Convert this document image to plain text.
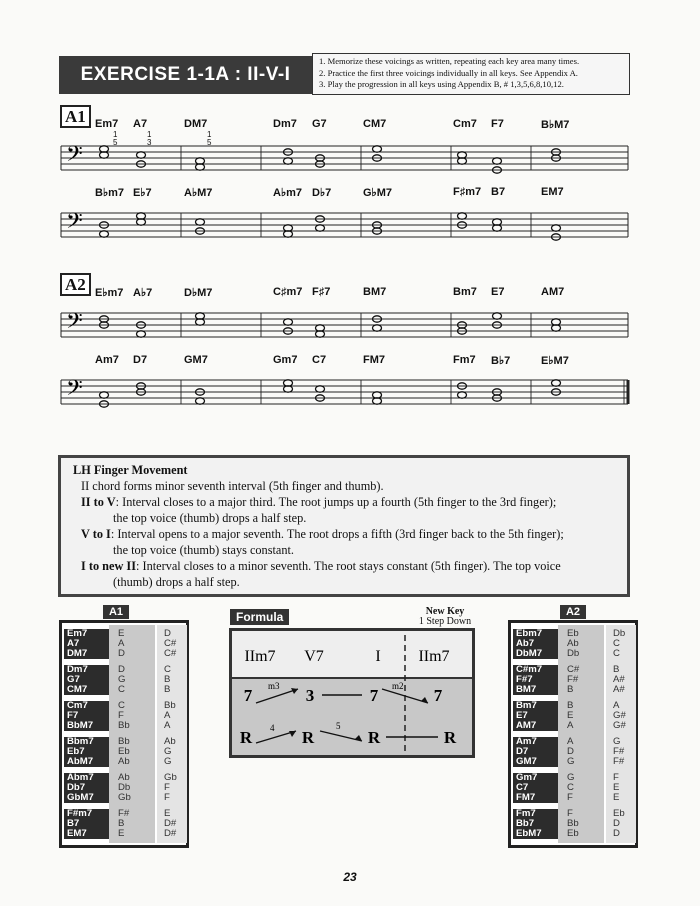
EXERCISE 1-1A : II-V-I
1. Memorize these voicings as written, repeating each key area many times.
2. Practice the first three voicings individually in all keys. See Appendix A.
3. Play the progression in all keys using Appendix B, # 1,3,5,6,8,10,12.
A1
A2
𝄢
𝄢
𝄢
𝄢
Em7 A7	DM7	Dm7 G7	CM7	Cm7 F7	B♭M7
B♭m7 E♭7	A♭M7	A♭m7 D♭7	G♭M7	F♯m7 B7	EM7
E♭m7 A♭7	D♭M7	C♯m7 F♯7	BM7	Bm7 E7	AM7
Am7 D7	GM7	Gm7 C7	FM7	Fm7 B♭7	E♭M7
1
5
1
3
1
5
LH Finger Movement
II chord forms minor seventh interval (5th finger and thumb).
II to V: Interval closes to a major third. The root jumps up a fourth (5th finger to the 3rd finger);
the top voice (thumb) drops a half step.
V to I: Interval opens to a major seventh. The root drops a fifth (3rd finger back to the 5th finger);
the top voice (thumb) stays constant.
I to new II: Interval closes to a minor seventh. The root stays constant (5th finger). The top voice
(thumb) drops a half step.
A1
Em7	E	D
A7	A	C#
DM7	D	C#
Dm7	D	C
G7	G	B
CM7	C	B
Cm7	C	Bb
F7	F	A
BbM7	Bb	A
Bbm7	Bb	Ab
Eb7	Eb	G
AbM7	Ab	G
Abm7	Ab	Gb
Db7	Db	F
GbM7	Gb	F
F#m7	F#	E
B7	B	D#
EM7	E	D#
A2
Ebm7	Eb	Db
Ab7	Ab	C
DbM7	Db	C
C#m7	C#	B
F#7	F#	A#
BM7	B	A#
Bm7	B	A
E7	E	G#
AM7	A	G#
Am7	A	G
D7	D	F#
GM7	G	F#
Gm7	G	F
C7	C	E
FM7	F	E
Fm7	F	Eb
Bb7	Bb	D
EbM7	Eb	D
Formula	New Key
1 Step Down
IIm7 V7	I IIm7
7	3	7	7
m3	m2
R	R	R	R
4	5
23
